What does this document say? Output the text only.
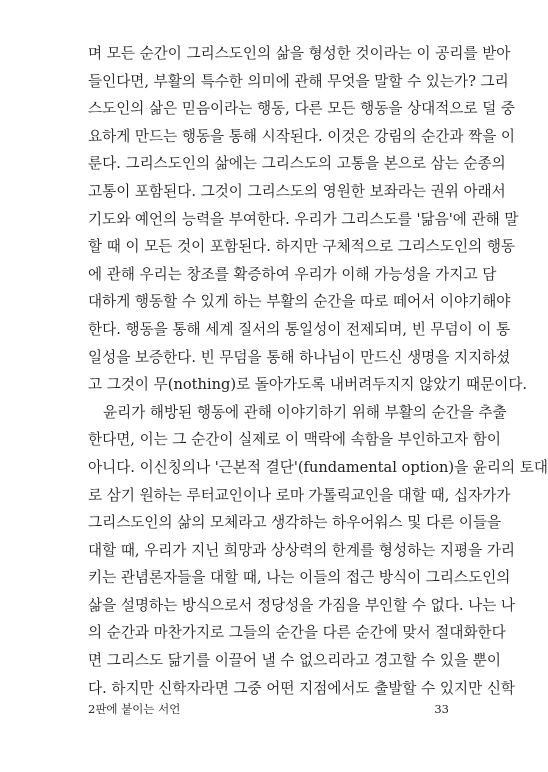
며 모든 순간이 그리스도인의 삶을 형성한 것이라는 이 공리를 받아
들인다면, 부활의 특수한 의미에 관해 무엇을 말할 수 있는가? 그리
스도인의 삶은 믿음이라는 행동, 다른 모든 행동을 상대적으로 덜 중
요하게 만드는 행동을 통해 시작된다. 이것은 강림의 순간과 짝을 이
룬다. 그리스도인의 삶에는 그리스도의 고통을 본으로 삼는 순종의
고통이 포함된다. 그것이 그리스도의 영원한 보좌라는 권위 아래서
기도와 예언의 능력을 부여한다. 우리가 그리스도를 '닮음'에 관해 말
할 때 이 모든 것이 포함된다. 하지만 구체적으로 그리스도인의 행동
에 관해 우리는 창조를 확증하여 우리가 이해 가능성을 가지고 담
대하게 행동할 수 있게 하는 부활의 순간을 따로 떼어서 이야기해야
한다. 행동을 통해 세계 질서의 통일성이 전제되며, 빈 무덤이 이 통
일성을 보증한다. 빈 무덤을 통해 하나님이 만드신 생명을 지지하셨
고 그것이 무(nothing)로 돌아가도록 내버려두지지 않았기 때문이다.
윤리가 해방된 행동에 관해 이야기하기 위해 부활의 순간을 추출
한다면, 이는 그 순간이 실제로 이 맥락에 속함을 부인하고자 함이
아니다. 이신칭의나 '근본적 결단'(fundamental option)을 윤리의 토대
로 삼기 원하는 루터교인이나 로마 가톨릭교인을 대할 때, 십자가가
그리스도인의 삶의 모체라고 생각하는 하우어워스 및 다른 이들을
대할 때, 우리가 지닌 희망과 상상력의 한계를 형성하는 지평을 가리
키는 관념론자들을 대할 때, 나는 이들의 접근 방식이 그리스도인의
삶을 설명하는 방식으로서 정당성을 가짐을 부인할 수 없다. 나는 나
의 순간과 마찬가지로 그들의 순간을 다른 순간에 맞서 절대화한다
면 그리스도 닮기를 이끌어 낼 수 없으리라고 경고할 수 있을 뿐이
다. 하지만 신학자라면 그중 어떤 지점에서도 출발할 수 있지만 신학
2판에 붙이는 서언	33
